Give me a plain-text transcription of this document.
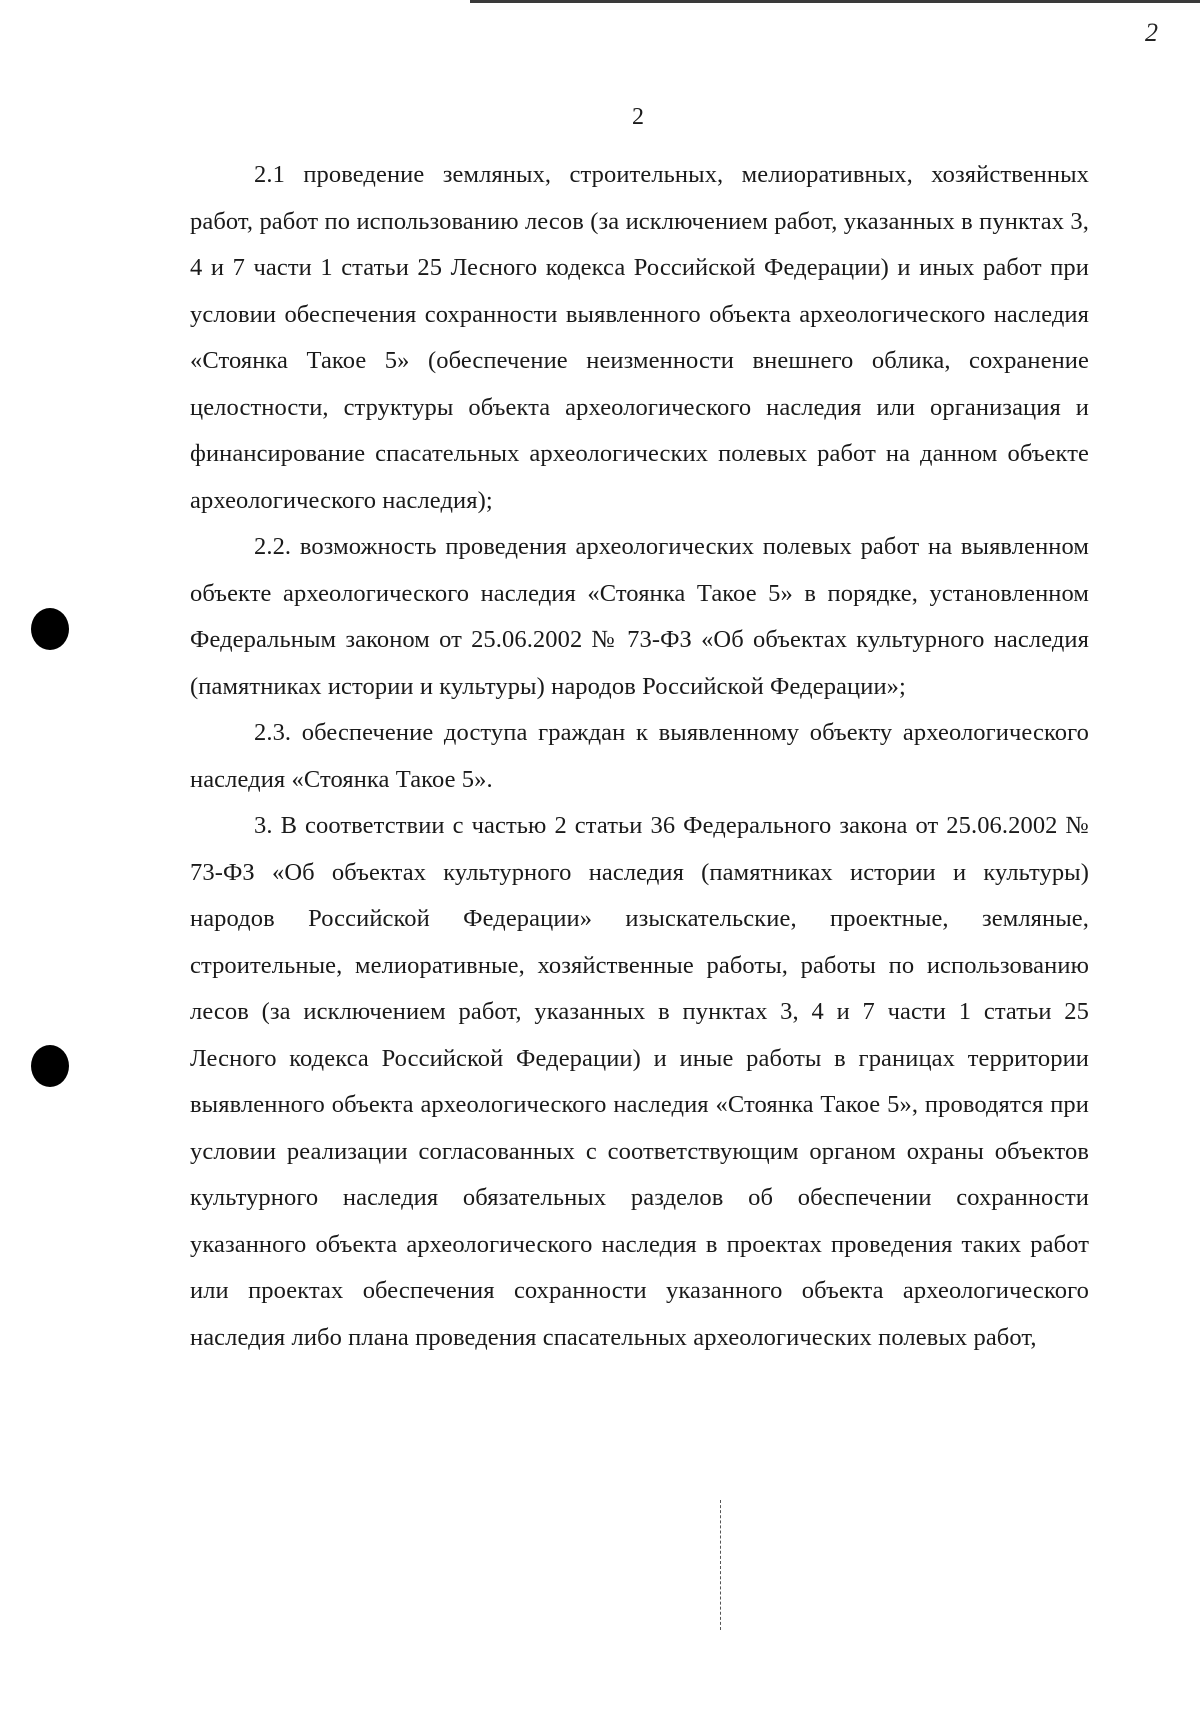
2
2

2.1 проведение земляных, строительных, мелиоративных, хозяйственных работ, работ по использованию лесов (за исключением работ, указанных в пунктах 3, 4 и 7 части 1 статьи 25 Лесного кодекса Российской Федерации) и иных работ при условии обеспечения сохранности выявленного объекта археологического наследия «Стоянка Такое 5» (обеспечение неизменности внешнего облика, сохранение целостности, структуры объекта археологического наследия или организация и финансирование спасательных археологических полевых работ на данном объекте археологического наследия);

2.2. возможность проведения археологических полевых работ на выявленном объекте археологического наследия «Стоянка Такое 5» в порядке, установленном Федеральным законом от 25.06.2002 № 73-ФЗ «Об объектах культурного наследия (памятниках истории и культуры) народов Российской Федерации»;

2.3. обеспечение доступа граждан к выявленному объекту археологического наследия «Стоянка Такое 5».

3. В соответствии с частью 2 статьи 36 Федерального закона от 25.06.2002 № 73-ФЗ «Об объектах культурного наследия (памятниках истории и культуры) народов Российской Федерации» изыскательские, проектные, земляные, строительные, мелиоративные, хозяйственные работы, работы по использованию лесов (за исключением работ, указанных в пунктах 3, 4 и 7 части 1 статьи 25 Лесного кодекса Российской Федерации) и иные работы в границах территории выявленного объекта археологического наследия «Стоянка Такое 5», проводятся при условии реализации согласованных с соответствующим органом охраны объектов культурного наследия обязательных разделов об обеспечении сохранности указанного объекта археологического наследия в проектах проведения таких работ или проектах обеспечения сохранности указанного объекта археологического наследия либо плана проведения спасательных археологических полевых работ,
